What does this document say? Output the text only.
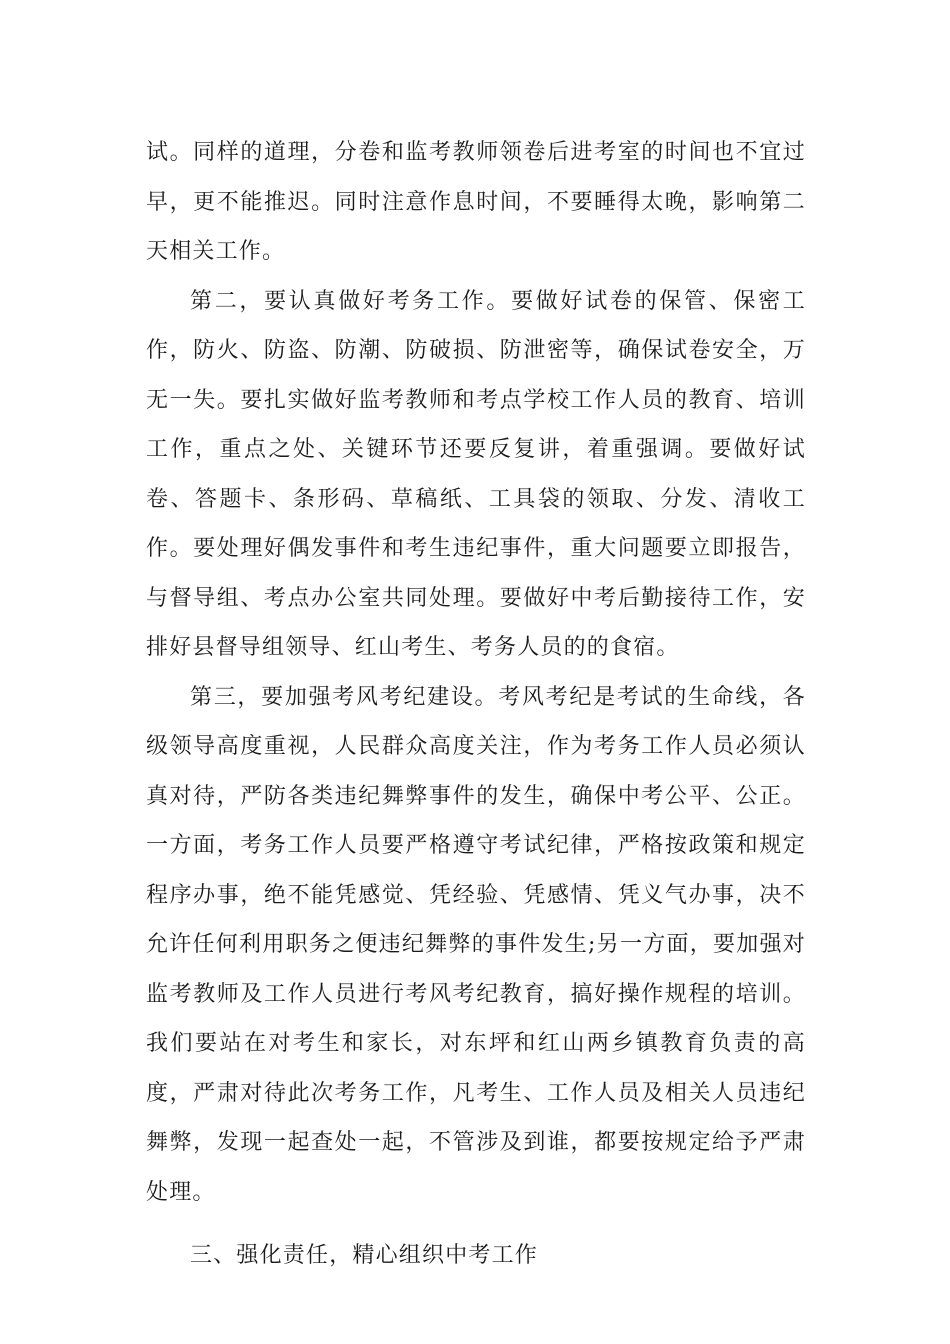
试。同样的道理，分卷和监考教师领卷后进考室的时间也不宜过早，更不能推迟。同时注意作息时间，不要睡得太晚，影响第二天相关工作。

第二，要认真做好考务工作。要做好试卷的保管、保密工作，防火、防盗、防潮、防破损、防泄密等，确保试卷安全，万无一失。要扎实做好监考教师和考点学校工作人员的教育、培训工作，重点之处、关键环节还要反复讲，着重强调。要做好试卷、答题卡、条形码、草稿纸、工具袋的领取、分发、清收工作。要处理好偶发事件和考生违纪事件，重大问题要立即报告，与督导组、考点办公室共同处理。要做好中考后勤接待工作，安排好县督导组领导、红山考生、考务人员的的食宿。

第三，要加强考风考纪建设。考风考纪是考试的生命线，各级领导高度重视，人民群众高度关注，作为考务工作人员必须认真对待，严防各类违纪舞弊事件的发生，确保中考公平、公正。一方面，考务工作人员要严格遵守考试纪律，严格按政策和规定程序办事，绝不能凭感觉、凭经验、凭感情、凭义气办事，决不允许任何利用职务之便违纪舞弊的事件发生;另一方面，要加强对监考教师及工作人员进行考风考纪教育，搞好操作规程的培训。我们要站在对考生和家长，对东坪和红山两乡镇教育负责的高度，严肃对待此次考务工作，凡考生、工作人员及相关人员违纪舞弊，发现一起查处一起，不管涉及到谁，都要按规定给予严肃处理。

三、强化责任，精心组织中考工作
